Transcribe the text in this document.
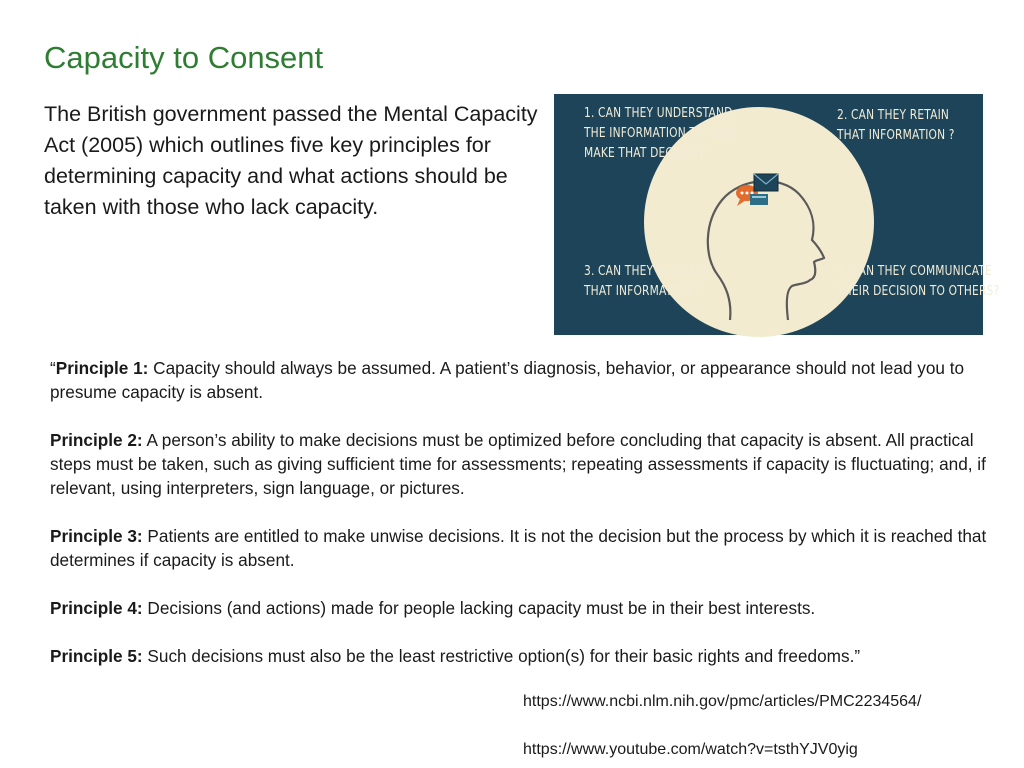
Capacity to Consent
The British government passed the Mental Capacity Act (2005) which outlines five key principles for determining capacity and what actions should be taken with those who lack capacity.
1. CAN THEY UNDERSTAND
THE INFORMATION TO HELP
MAKE THAT DECISION ?
2. CAN THEY RETAIN
THAT INFORMATION ?
3. CAN THEY WEIGH UP
THAT INFORMATION ?
4. CAN THEY COMMUNICATE
THEIR DECISION TO OTHERS?

“Principle 1: Capacity should always be assumed. A patient’s diagnosis, behavior, or appearance should not lead you to presume capacity is absent.

Principle 2: A person’s ability to make decisions must be optimized before concluding that capacity is absent. All practical steps must be taken, such as giving sufficient time for assessments; repeating assessments if capacity is fluctuating; and, if relevant, using interpreters, sign language, or pictures.

Principle 3: Patients are entitled to make unwise decisions. It is not the decision but the process by which it is reached that determines if capacity is absent.

Principle 4: Decisions (and actions) made for people lacking capacity must be in their best interests.

Principle 5: Such decisions must also be the least restrictive option(s) for their basic rights and freedoms.”

https://www.ncbi.nlm.nih.gov/pmc/articles/PMC2234564/
https://www.youtube.com/watch?v=tsthYJV0yig
